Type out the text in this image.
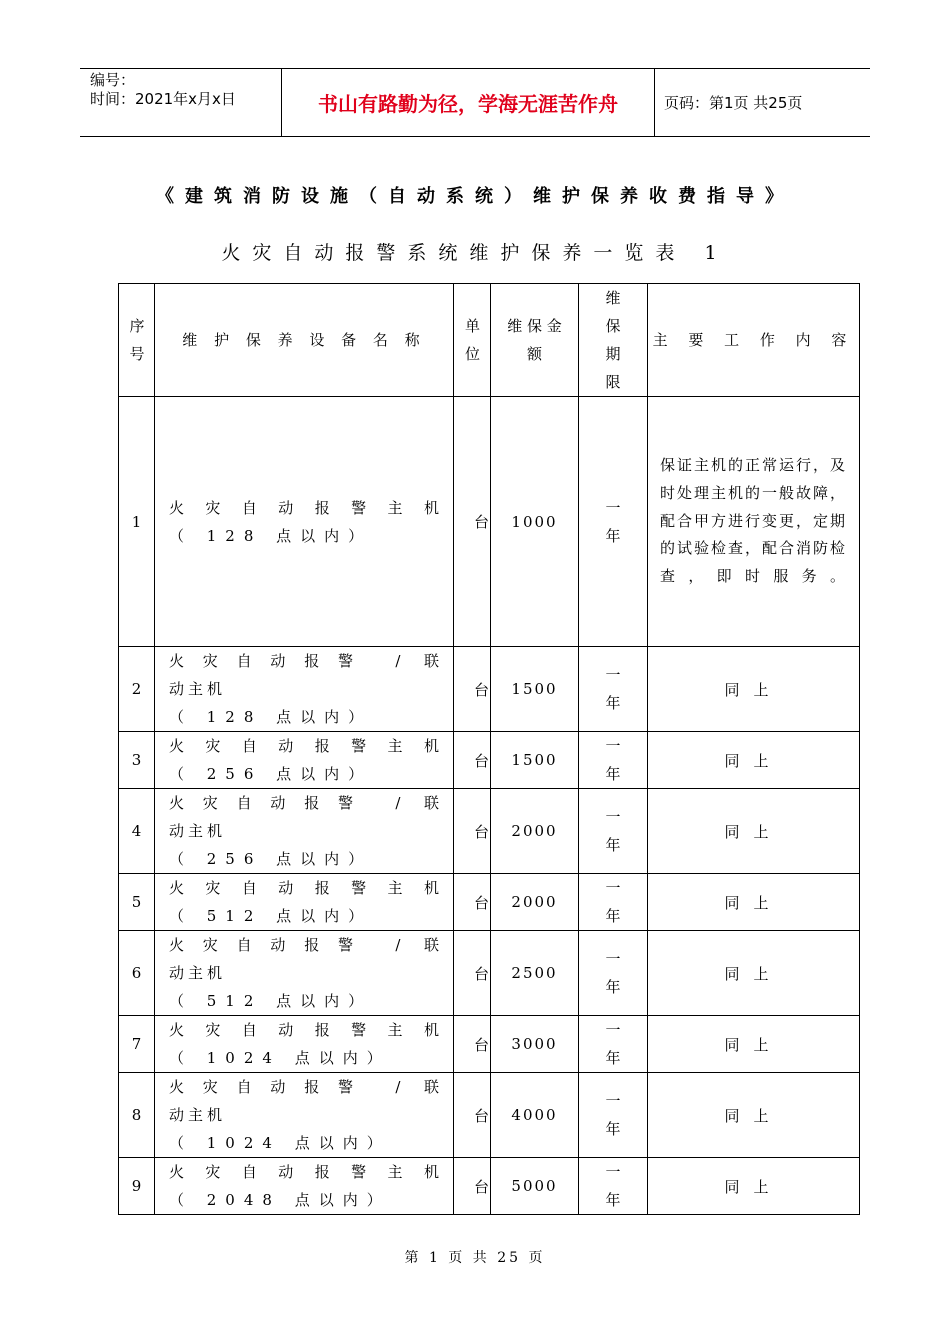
编号：
时间：2021年x月x日	书山有路勤为径，学海无涯苦作舟	页码：第1页 共25页
《建筑消防设施（自动系统）维护保养收费指导》
火灾自动报警系统维护保养一览表 1
序号	维 护 保 养 设 备 名 称	单位	维 保 金 额	维保期限	主 要 工 作 内 容
1	火灾自动报警主机
（ 128 点以内）	台	1000	一年	保证主机的正常运行，及时处理主机的一般故障，配合甲方进行变更，定期的试验检查，配合消防检查，即时服务。
2	火灾自动报警 / 联
动主机
（ 128 点以内）	台	1500	一年	同上
3	火灾自动报警主机
（ 256 点以内）	台	1500	一年	同上
4	火灾自动报警 / 联
动主机
（ 256 点以内）	台	2000	一年	同上
5	火灾自动报警主机
（ 512 点以内）	台	2000	一年	同上
6	火灾自动报警 / 联
动主机
（ 512 点以内）	台	2500	一年	同上
7	火灾自动报警主机
（ 1024 点以内）	台	3000	一年	同上
8	火灾自动报警 / 联
动主机
（ 1024 点以内）	台	4000	一年	同上
9	火灾自动报警主机
（ 2048 点以内）	台	5000	一年	同上
第 1 页 共 25 页
